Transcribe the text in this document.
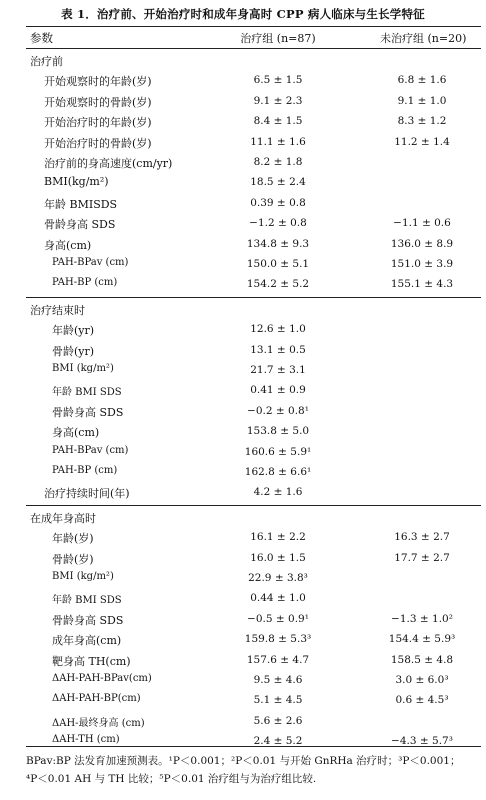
表 1．治疗前、开始治疗时和成年身高时 CPP 病人临床与生长学特征
参数	治疗组 (n=87)	未治疗组 (n=20)
治疗前
开始观察时的年龄(岁)	6.5 ± 1.5	6.8 ± 1.6
开始观察时的骨龄(岁)	9.1 ± 2.3	9.1 ± 1.0
开始治疗时的年龄(岁)	8.4 ± 1.5	8.3 ± 1.2
开始治疗时的骨龄(岁)	11.1 ± 1.6	11.2 ± 1.4
治疗前的身高速度(cm/yr)	8.2 ± 1.8
BMI(kg/m²)	18.5 ± 2.4
年龄 BMISDS	0.39 ± 0.8
骨龄身高 SDS	−1.2 ± 0.8	−1.1 ± 0.6
身高(cm)	134.8 ± 9.3	136.0 ± 8.9
PAH-BPav (cm)	150.0 ± 5.1	151.0 ± 3.9
PAH-BP (cm)	154.2 ± 5.2	155.1 ± 4.3
治疗结束时
年龄(yr)	12.6 ± 1.0
骨龄(yr)	13.1 ± 0.5
BMI (kg/m²)	21.7 ± 3.1
年龄 BMI SDS	0.41 ± 0.9
骨龄身高 SDS	−0.2 ± 0.8¹
身高(cm)	153.8 ± 5.0
PAH-BPav (cm)	160.6 ± 5.9¹
PAH-BP (cm)	162.8 ± 6.6¹
治疗持续时间(年)	4.2 ± 1.6
在成年身高时
年龄(岁)	16.1 ± 2.2	16.3 ± 2.7
骨龄(岁)	16.0 ± 1.5	17.7 ± 2.7
BMI (kg/m²)	22.9 ± 3.8³
年龄 BMI SDS	0.44 ± 1.0
骨龄身高 SDS	−0.5 ± 0.9¹	−1.3 ± 1.0²
成年身高(cm)	159.8 ± 5.3³	154.4 ± 5.9³
靶身高 TH(cm)	157.6 ± 4.7	158.5 ± 4.8
ΔAH-PAH-BPav(cm)	9.5 ± 4.6	3.0 ± 6.0³
ΔAH-PAH-BP(cm)	5.1 ± 4.5	0.6 ± 4.5³
ΔAH-最终身高 (cm)	5.6 ± 2.6
ΔAH-TH (cm)	2.4 ± 5.2	−4.3 ± 5.7³
BPav:BP 法发育加速预测表。¹P＜0.001；²P＜0.01 与开始 GnRHa 治疗时；³P＜0.001；
⁴P＜0.01 AH 与 TH 比较；⁵P＜0.01 治疗组与为治疗组比较.
